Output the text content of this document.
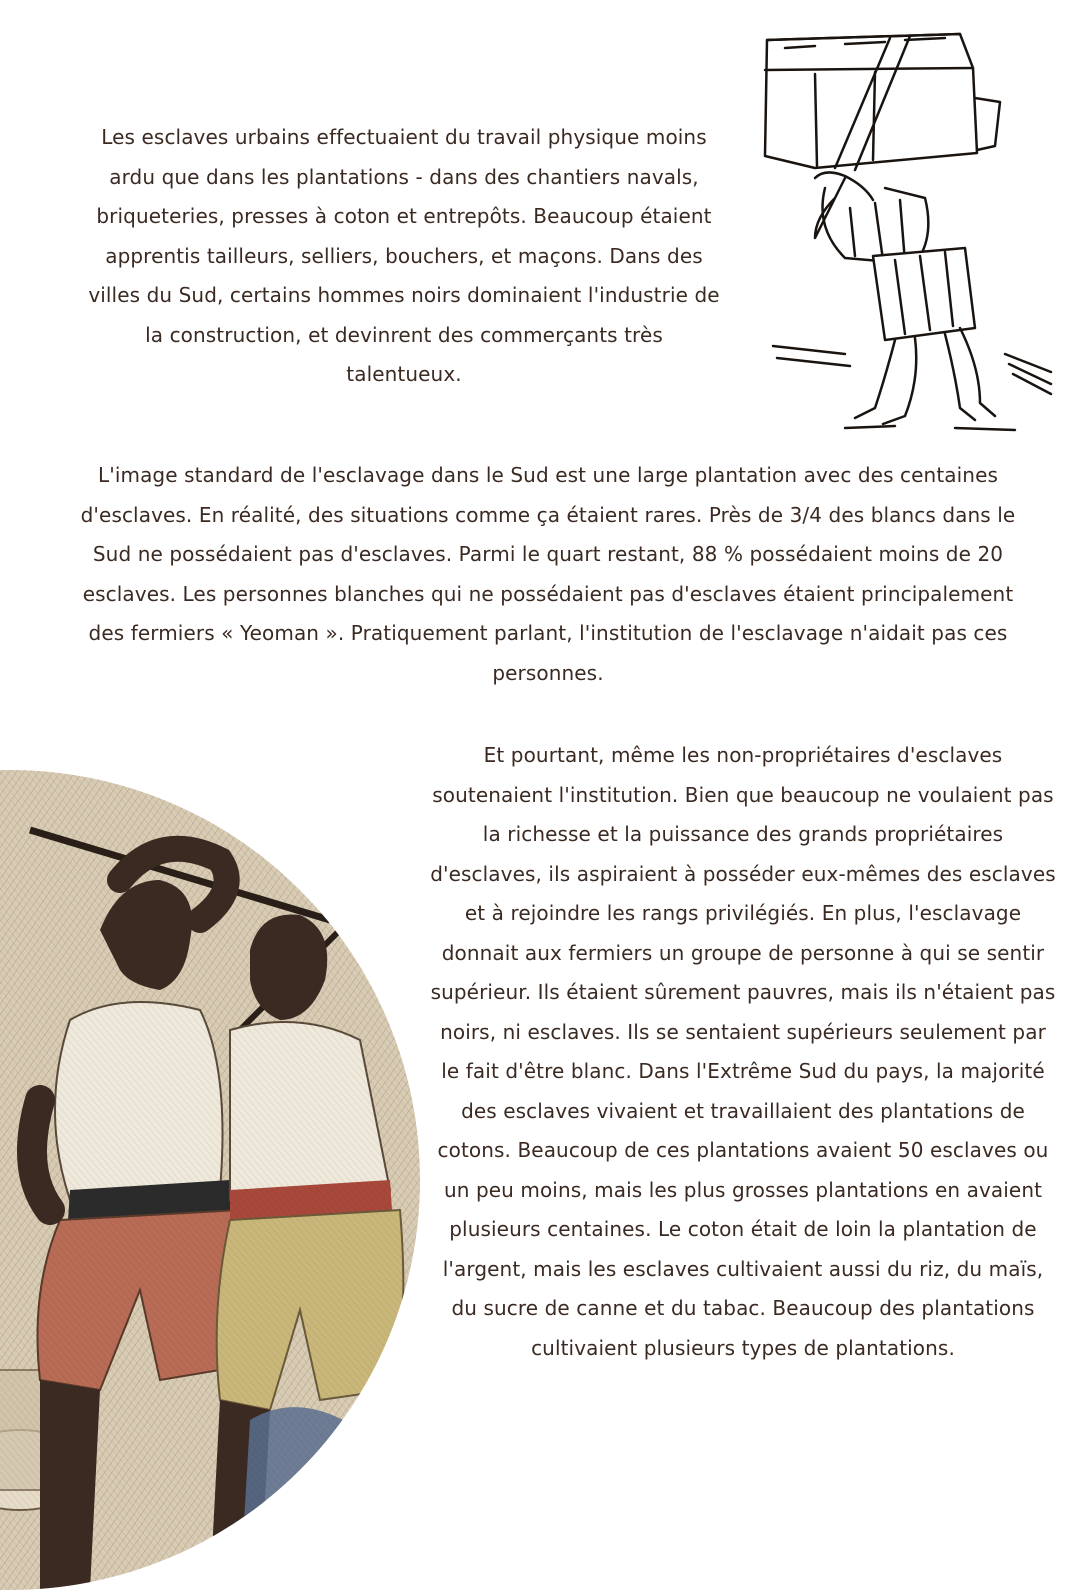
Les esclaves urbains effectuaient du travail physique moins ardu que dans les plantations - dans des chantiers navals, briqueteries, presses à coton et entrepôts. Beaucoup étaient apprentis tailleurs, selliers, bouchers, et maçons. Dans des villes du Sud, certains hommes noirs dominaient l'industrie de la construction, et devinrent des commerçants très talentueux.

L'image standard de l'esclavage dans le Sud est une large plantation avec des centaines d'esclaves. En réalité, des situations comme ça étaient rares. Près de 3/4 des blancs dans le Sud ne possédaient pas d'esclaves. Parmi le quart restant, 88 % possédaient moins de 20 esclaves. Les personnes blanches qui ne possédaient pas d'esclaves étaient principalement des fermiers « Yeoman ». Pratiquement parlant, l'institution de l'esclavage n'aidait pas ces personnes.

Et pourtant, même les non-propriétaires d'esclaves soutenaient l'institution. Bien que beaucoup ne voulaient pas la richesse et la puissance des grands propriétaires d'esclaves, ils aspiraient à posséder eux-mêmes des esclaves et à rejoindre les rangs privilégiés. En plus, l'esclavage donnait aux fermiers un groupe de personne à qui se sentir supérieur. Ils étaient sûrement pauvres, mais ils n'étaient pas noirs, ni esclaves. Ils se sentaient supérieurs seulement par le fait d'être blanc. Dans l'Extrême Sud du pays, la majorité des esclaves vivaient et travaillaient des plantations de cotons. Beaucoup de ces plantations avaient 50 esclaves ou un peu moins, mais les plus grosses plantations en avaient plusieurs centaines. Le coton était de loin la plantation de l'argent, mais les esclaves cultivaient aussi du riz, du maïs, du sucre de canne et du tabac. Beaucoup des plantations cultivaient plusieurs types de plantations.
